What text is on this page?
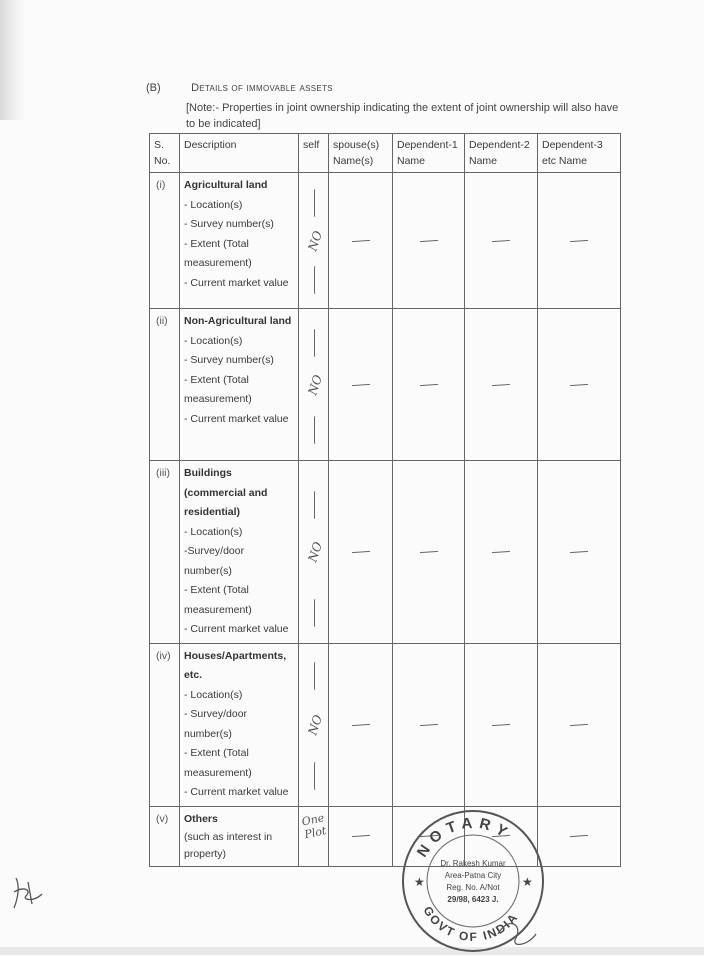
(B)	Details of immovable assets
[Note:- Properties in joint ownership indicating the extent of joint ownership will also have to be indicated]
S. No.	Description	self	spouse(s) Name(s)	Dependent-1 Name	Dependent-2 Name	Dependent-3 etc Name
(i)	Agricultural land
- Location(s)
- Survey number(s)
- Extent (Total measurement)
- Current market value	NO				

(ii)	Non-Agricultural land
- Location(s)
- Survey number(s)
- Extent (Total measurement)
- Current market value	NO				

(iii)	Buildings (commercial and residential)
- Location(s)
-Survey/door number(s)
- Extent (Total measurement)
- Current market value	NO				

(iv)	Houses/Apartments, etc.
- Location(s)
- Survey/door number(s)
- Extent (Total measurement)
- Current market value	NO				

(v)	Others
(such as interest in property)	One Plot				

NOTARY
GOVT OF INDIA
★	★
Dr. Rakesh Kumar
Area-Patna City
Reg. No. A/Not
29/98, 6423 J.
